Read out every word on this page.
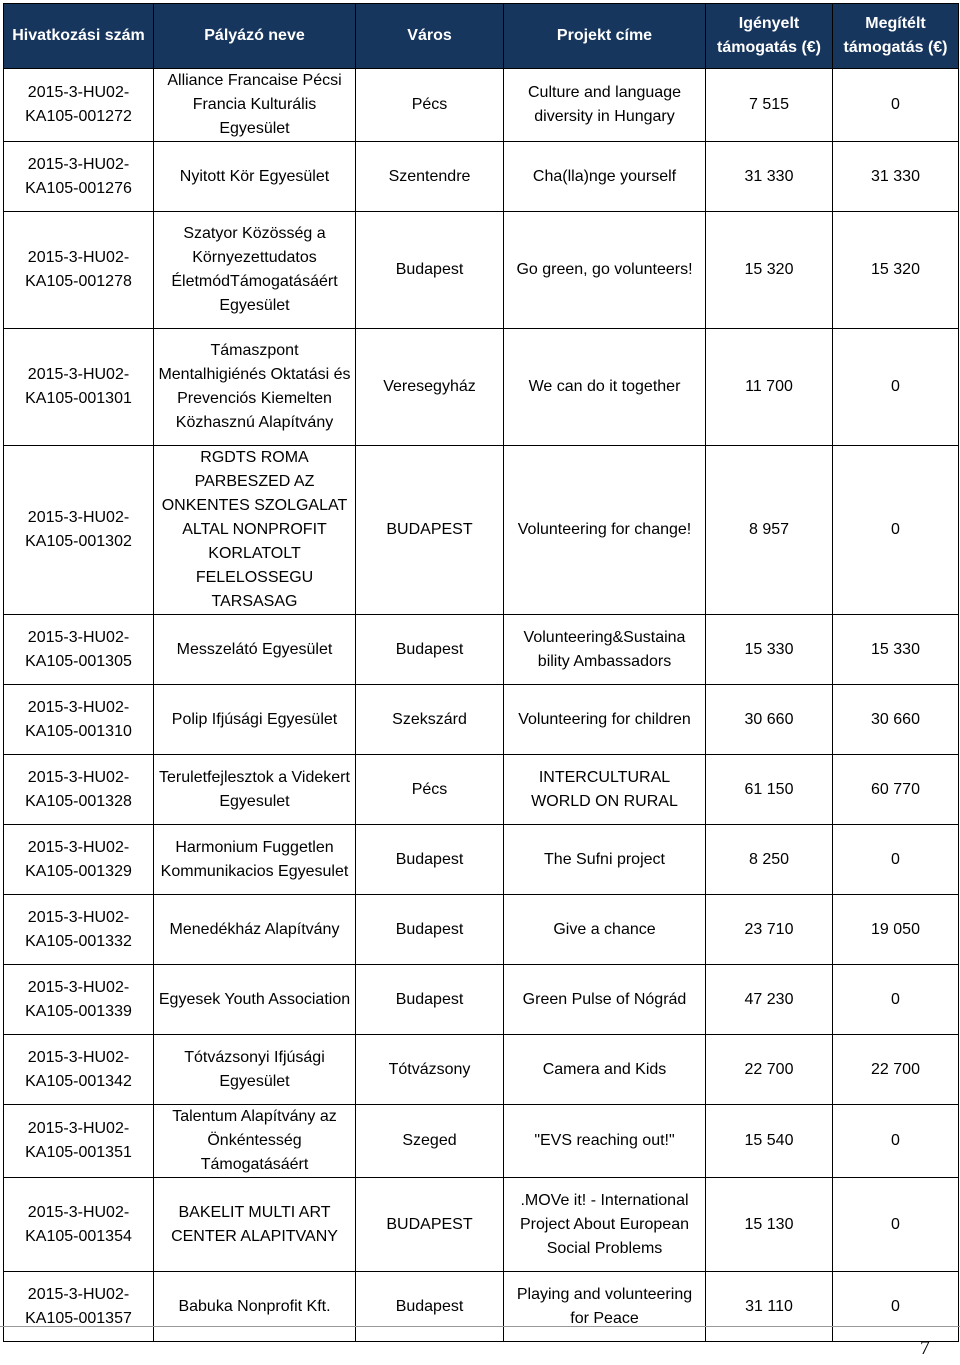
Hivatkozási szám	Pályázó neve	Város	Projekt címe	Igényelt támogatás (€)	Megítélt támogatás (€)
2015-3-HU02-KA105-001272	Alliance Francaise Pécsi Francia Kulturális Egyesület	Pécs	Culture and language diversity in Hungary	7 515	0
2015-3-HU02-KA105-001276	Nyitott Kör Egyesület	Szentendre	Cha(lla)nge yourself	31 330	31 330
2015-3-HU02-KA105-001278	Szatyor Közösség a Környezettudatos ÉletmódTámogatásáért Egyesület	Budapest	Go green, go volunteers!	15 320	15 320
2015-3-HU02-KA105-001301	Támaszpont Mentalhigiénés Oktatási és Prevenciós Kiemelten Közhasznú Alapítvány	Veresegyház	We can do it together	11 700	0
2015-3-HU02-KA105-001302	RGDTS ROMA PARBESZED AZ ONKENTES SZOLGALAT ALTAL NONPROFIT KORLATOLT FELELOSSEGU TARSASAG	BUDAPEST	Volunteering for change!	8 957	0
2015-3-HU02-KA105-001305	Messzelátó Egyesület	Budapest	Volunteering&Sustaina bility Ambassadors	15 330	15 330
2015-3-HU02-KA105-001310	Polip Ifjúsági Egyesület	Szekszárd	Volunteering for children	30 660	30 660
2015-3-HU02-KA105-001328	Teruletfejlesztok a Videkert Egyesulet	Pécs	INTERCULTURAL WORLD ON RURAL	61 150	60 770
2015-3-HU02-KA105-001329	Harmonium Fuggetlen Kommunikacios Egyesulet	Budapest	The Sufni project	8 250	0
2015-3-HU02-KA105-001332	Menedékház Alapítvány	Budapest	Give a chance	23 710	19 050
2015-3-HU02-KA105-001339	Egyesek Youth Association	Budapest	Green Pulse of Nógrád	47 230	0
2015-3-HU02-KA105-001342	Tótvázsonyi Ifjúsági Egyesület	Tótvázsony	Camera and Kids	22 700	22 700
2015-3-HU02-KA105-001351	Talentum Alapítvány az Önkéntesség Támogatásáért	Szeged	"EVS reaching out!"	15 540	0
2015-3-HU02-KA105-001354	BAKELIT MULTI ART CENTER ALAPITVANY	BUDAPEST	.MOVe it! - International Project About European Social Problems	15 130	0
2015-3-HU02-KA105-001357	Babuka Nonprofit Kft.	Budapest	Playing and volunteering for Peace	31 110	0
7
